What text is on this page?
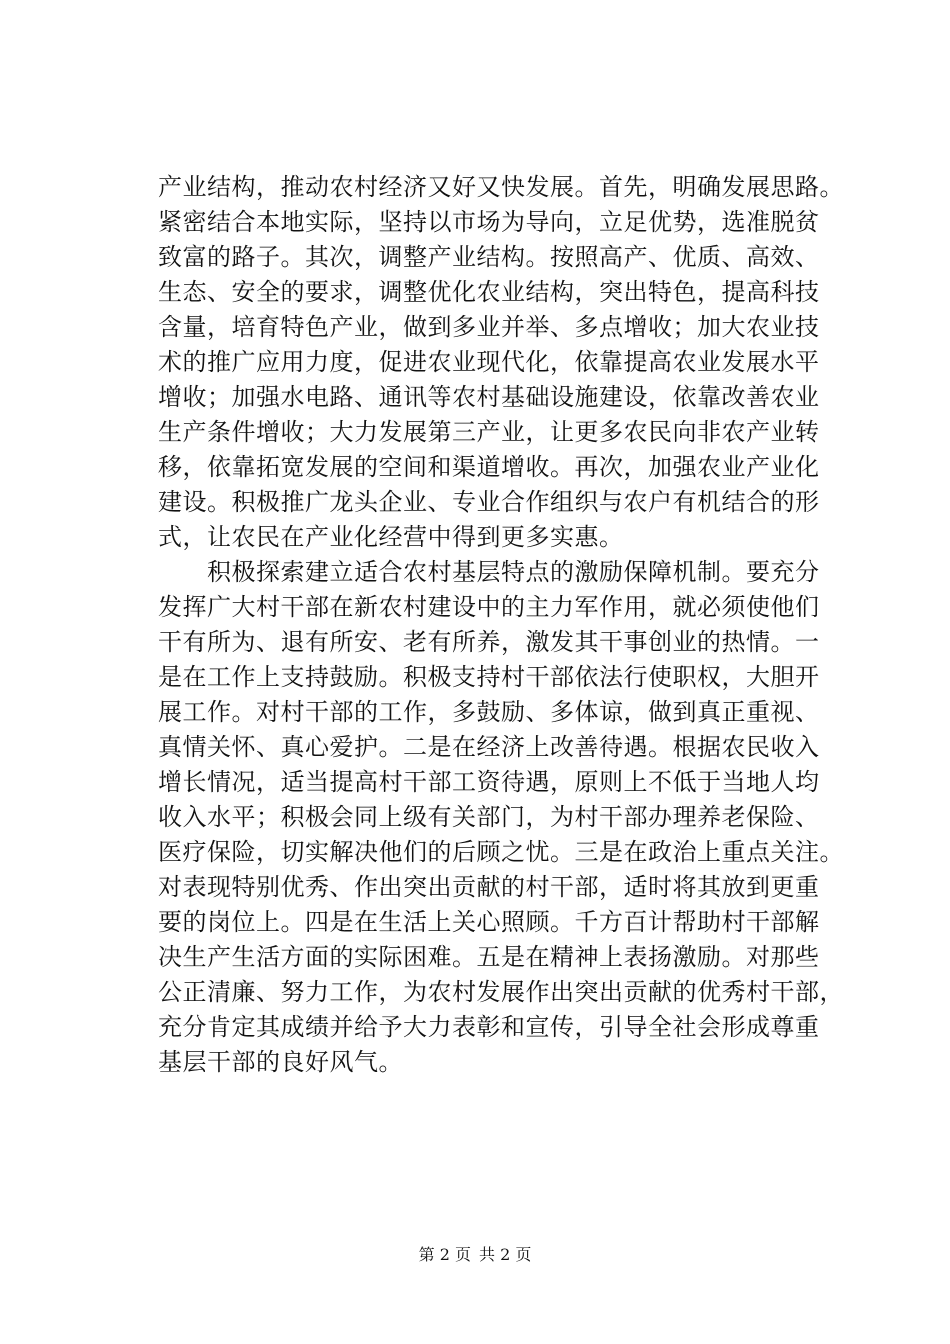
产业结构，推动农村经济又好又快发展。首先，明确发展思路。
紧密结合本地实际，坚持以市场为导向，立足优势，选准脱贫
致富的路子。其次，调整产业结构。按照高产、优质、高效、
生态、安全的要求，调整优化农业结构，突出特色，提高科技
含量，培育特色产业，做到多业并举、多点增收；加大农业技
术的推广应用力度，促进农业现代化，依靠提高农业发展水平
增收；加强水电路、通讯等农村基础设施建设，依靠改善农业
生产条件增收；大力发展第三产业，让更多农民向非农产业转
移，依靠拓宽发展的空间和渠道增收。再次，加强农业产业化
建设。积极推广龙头企业、专业合作组织与农户有机结合的形
式，让农民在产业化经营中得到更多实惠。
　　积极探索建立适合农村基层特点的激励保障机制。要充分
发挥广大村干部在新农村建设中的主力军作用，就必须使他们
干有所为、退有所安、老有所养，激发其干事创业的热情。一
是在工作上支持鼓励。积极支持村干部依法行使职权，大胆开
展工作。对村干部的工作，多鼓励、多体谅，做到真正重视、
真情关怀、真心爱护。二是在经济上改善待遇。根据农民收入
增长情况，适当提高村干部工资待遇，原则上不低于当地人均
收入水平；积极会同上级有关部门，为村干部办理养老保险、
医疗保险，切实解决他们的后顾之忧。三是在政治上重点关注。
对表现特别优秀、作出突出贡献的村干部，适时将其放到更重
要的岗位上。四是在生活上关心照顾。千方百计帮助村干部解
决生产生活方面的实际困难。五是在精神上表扬激励。对那些
公正清廉、努力工作，为农村发展作出突出贡献的优秀村干部，
充分肯定其成绩并给予大力表彰和宣传，引导全社会形成尊重
基层干部的良好风气。
第 2 页 共 2 页
